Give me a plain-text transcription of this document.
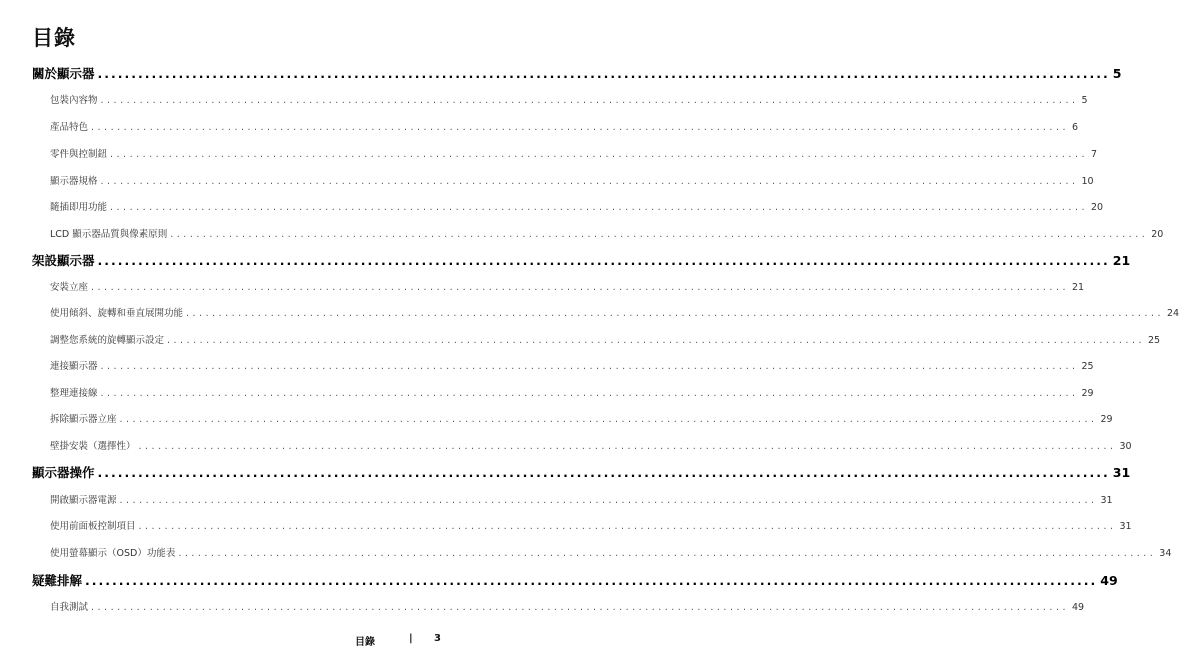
目錄
關於顯示器 ...................................................................................................................................................... 5
包裝內容物 ...................................................................................................................................................... 5
產品特色 ...................................................................................................................................................... 6
零件與控制鈕 ...................................................................................................................................................... 7
顯示器規格 ...................................................................................................................................................... 10
隨插即用功能 ...................................................................................................................................................... 20
LCD 顯示器品質與像素原則 ...................................................................................................................................................... 20
架設顯示器 ...................................................................................................................................................... 21
安裝立座 ...................................................................................................................................................... 21
使用傾斜、旋轉和垂直展開功能 ...................................................................................................................................................... 24
調整您系統的旋轉顯示設定 ...................................................................................................................................................... 25
連接顯示器 ...................................................................................................................................................... 25
整理連接線 ...................................................................................................................................................... 29
拆除顯示器立座 ...................................................................................................................................................... 29
壁掛安裝（選擇性） ...................................................................................................................................................... 30
顯示器操作 ...................................................................................................................................................... 31
開啟顯示器電源 ...................................................................................................................................................... 31
使用前面板控制項目 ...................................................................................................................................................... 31
使用螢幕顯示（OSD）功能表 ...................................................................................................................................................... 34
疑難排解 ...................................................................................................................................................... 49
自我測試 ...................................................................................................................................................... 49
目錄	| 3
